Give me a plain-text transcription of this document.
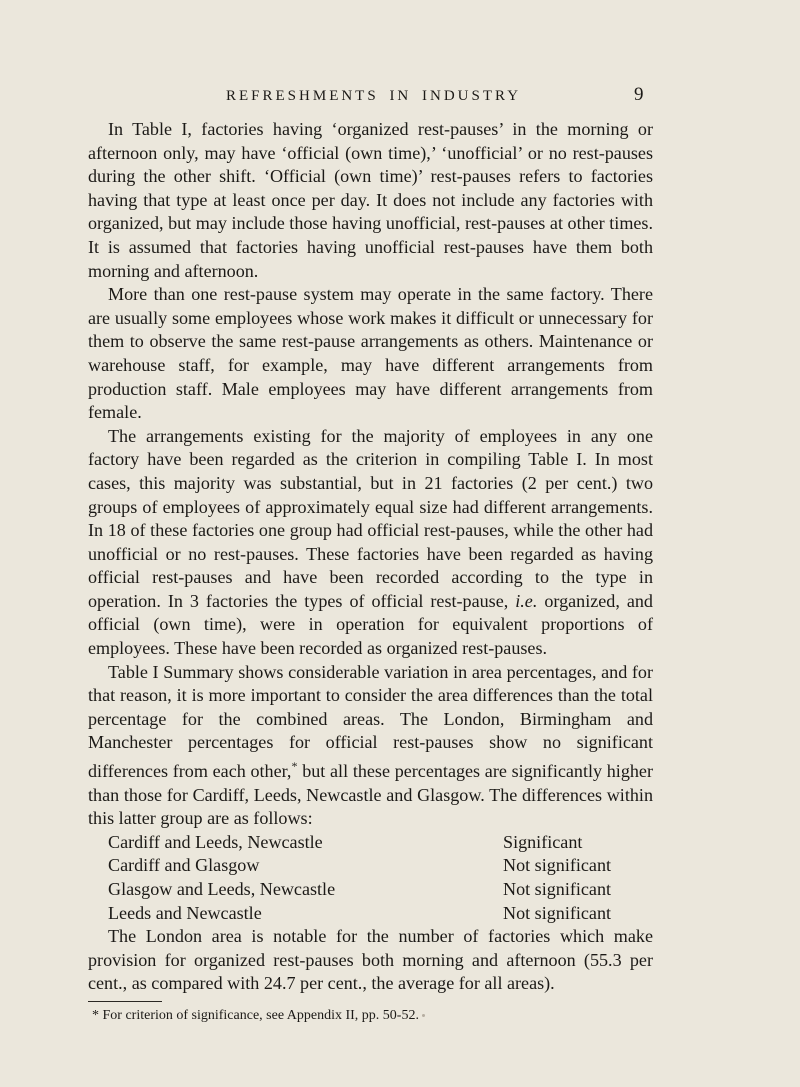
REFRESHMENTS IN INDUSTRY	9

In Table I, factories having ‘organized rest-pauses’ in the morning or afternoon only, may have ‘official (own time),’ ‘unofficial’ or no rest-pauses during the other shift. ‘Official (own time)’ rest-pauses refers to factories having that type at least once per day. It does not include any factories with organized, but may include those having unofficial, rest-pauses at other times. It is assumed that factories having unofficial rest-pauses have them both morning and afternoon.

More than one rest-pause system may operate in the same factory. There are usually some employees whose work makes it difficult or unnecessary for them to observe the same rest-pause arrangements as others. Maintenance or warehouse staff, for example, may have different arrangements from production staff. Male employees may have different arrangements from female.

The arrangements existing for the majority of employees in any one factory have been regarded as the criterion in compiling Table I. In most cases, this majority was substantial, but in 21 factories (2 per cent.) two groups of employees of approximately equal size had different arrangements. In 18 of these factories one group had official rest-pauses, while the other had unofficial or no rest-pauses. These factories have been regarded as having official rest-pauses and have been recorded according to the type in operation. In 3 factories the types of official rest-pause, i.e. organized, and official (own time), were in operation for equivalent proportions of employees. These have been recorded as organized rest-pauses.

Table I Summary shows considerable variation in area percentages, and for that reason, it is more important to consider the area differences than the total percentage for the combined areas. The London, Birmingham and Manchester percentages for official rest-pauses show no significant differences from each other,* but all these percentages are significantly higher than those for Cardiff, Leeds, Newcastle and Glasgow. The differences within this latter group are as follows:

Cardiff and Leeds, Newcastle	Significant
Cardiff and Glasgow	Not significant
Glasgow and Leeds, Newcastle	Not significant
Leeds and Newcastle	Not significant

The London area is notable for the number of factories which make provision for organized rest-pauses both morning and afternoon (55.3 per cent., as compared with 24.7 per cent., the average for all areas).

* For criterion of significance, see Appendix II, pp. 50-52.
